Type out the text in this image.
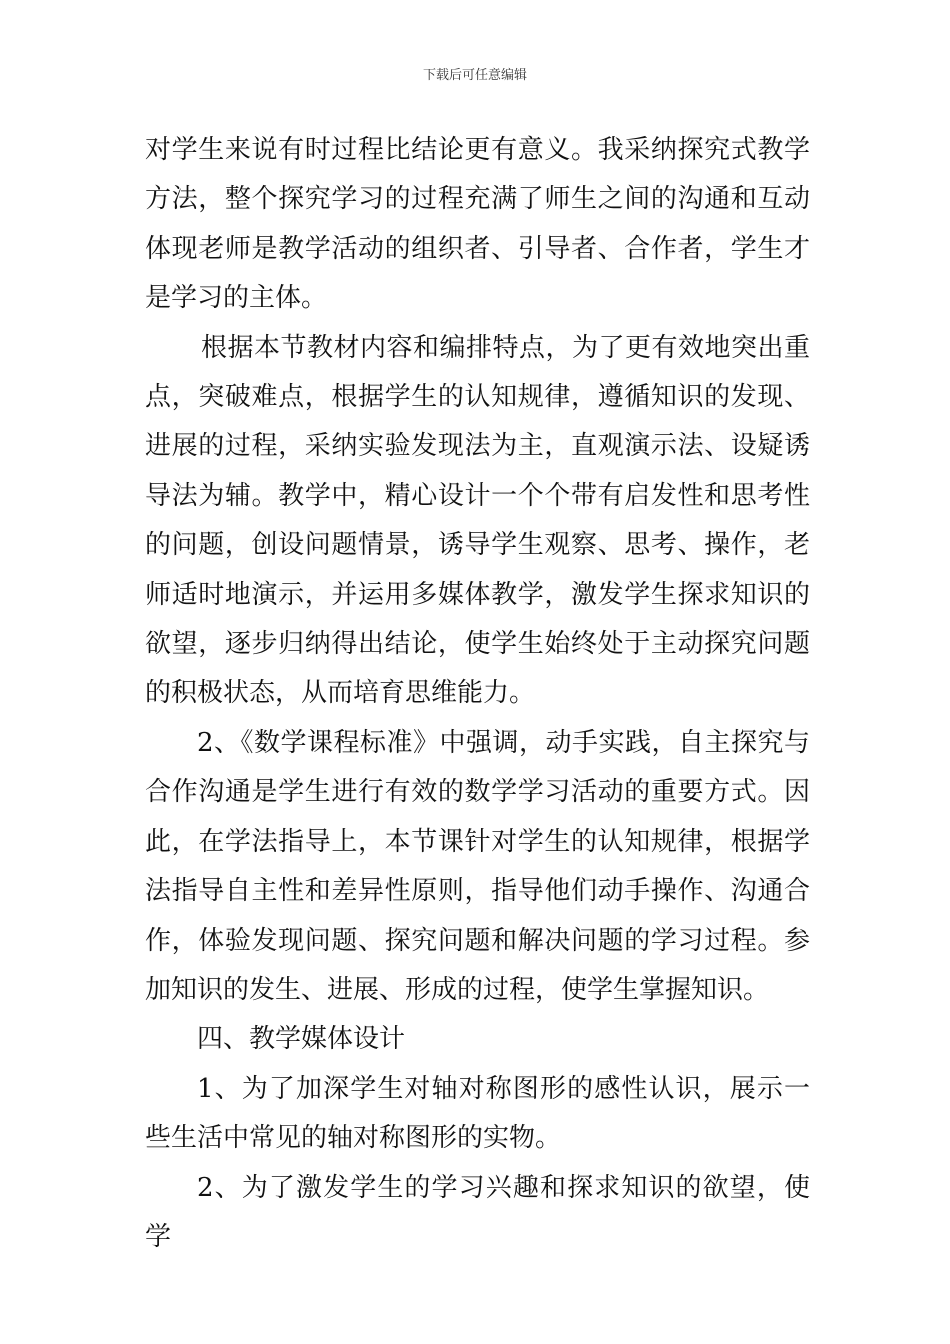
下载后可任意编辑

对学生来说有时过程比结论更有意义。我采纳探究式教学方法，整个探究学习的过程充满了师生之间的沟通和互动体现老师是教学活动的组织者、引导者、合作者，学生才是学习的主体。

根据本节教材内容和编排特点，为了更有效地突出重点，突破难点，根据学生的认知规律，遵循知识的发现、进展的过程，采纳实验发现法为主，直观演示法、设疑诱导法为辅。教学中，精心设计一个个带有启发性和思考性的问题，创设问题情景，诱导学生观察、思考、操作，老师适时地演示，并运用多媒体教学，激发学生探求知识的欲望，逐步归纳得出结论，使学生始终处于主动探究问题的积极状态，从而培育思维能力。

2、《数学课程标准》中强调，动手实践，自主探究与合作沟通是学生进行有效的数学学习活动的重要方式。因此，在学法指导上，本节课针对学生的认知规律，根据学法指导自主性和差异性原则，指导他们动手操作、沟通合作，体验发现问题、探究问题和解决问题的学习过程。参加知识的发生、进展、形成的过程，使学生掌握知识。

四、教学媒体设计

1、为了加深学生对轴对称图形的感性认识，展示一些生活中常见的轴对称图形的实物。

2、为了激发学生的学习兴趣和探求知识的欲望，使学
